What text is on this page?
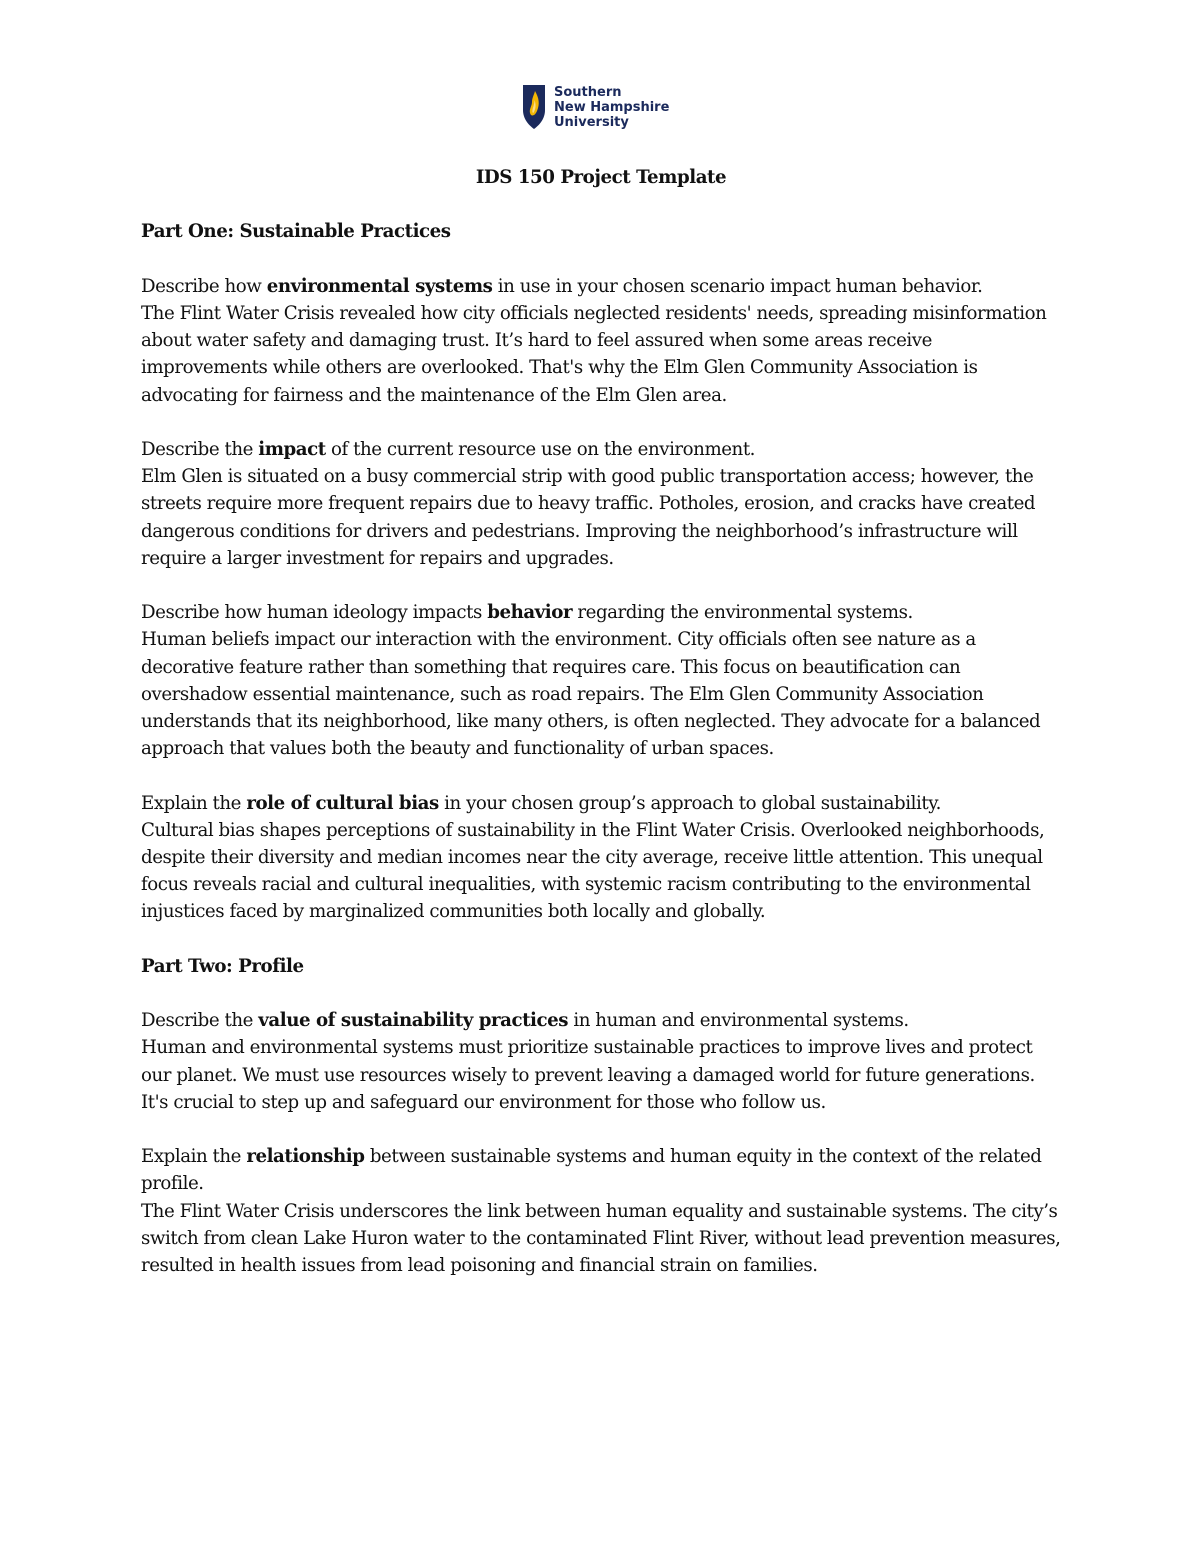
Southern
New Hampshire
University
IDS 150 Project Template
Part One: Sustainable Practices

Describe how environmental systems in use in your chosen scenario impact human behavior.

The Flint Water Crisis revealed how city officials neglected residents' needs, spreading misinformation about water safety and damaging trust. It’s hard to feel assured when some areas receive improvements while others are overlooked. That's why the Elm Glen Community Association is advocating for fairness and the maintenance of the Elm Glen area.

Describe the impact of the current resource use on the environment.

Elm Glen is situated on a busy commercial strip with good public transportation access; however, the streets require more frequent repairs due to heavy traffic. Potholes, erosion, and cracks have created dangerous conditions for drivers and pedestrians. Improving the neighborhood’s infrastructure will require a larger investment for repairs and upgrades.

Describe how human ideology impacts behavior regarding the environmental systems.

Human beliefs impact our interaction with the environment. City officials often see nature as a decorative feature rather than something that requires care. This focus on beautification can overshadow essential maintenance, such as road repairs. The Elm Glen Community Association understands that its neighborhood, like many others, is often neglected. They advocate for a balanced approach that values both the beauty and functionality of urban spaces.

Explain the role of cultural bias in your chosen group’s approach to global sustainability.

Cultural bias shapes perceptions of sustainability in the Flint Water Crisis. Overlooked neighborhoods, despite their diversity and median incomes near the city average, receive little attention. This unequal focus reveals racial and cultural inequalities, with systemic racism contributing to the environmental injustices faced by marginalized communities both locally and globally.

Part Two: Profile

Describe the value of sustainability practices in human and environmental systems.

Human and environmental systems must prioritize sustainable practices to improve lives and protect our planet. We must use resources wisely to prevent leaving a damaged world for future generations. It's crucial to step up and safeguard our environment for those who follow us.

Explain the relationship between sustainable systems and human equity in the context of the related profile.

The Flint Water Crisis underscores the link between human equality and sustainable systems. The city’s switch from clean Lake Huron water to the contaminated Flint River, without lead prevention measures, resulted in health issues from lead poisoning and financial strain on families.
